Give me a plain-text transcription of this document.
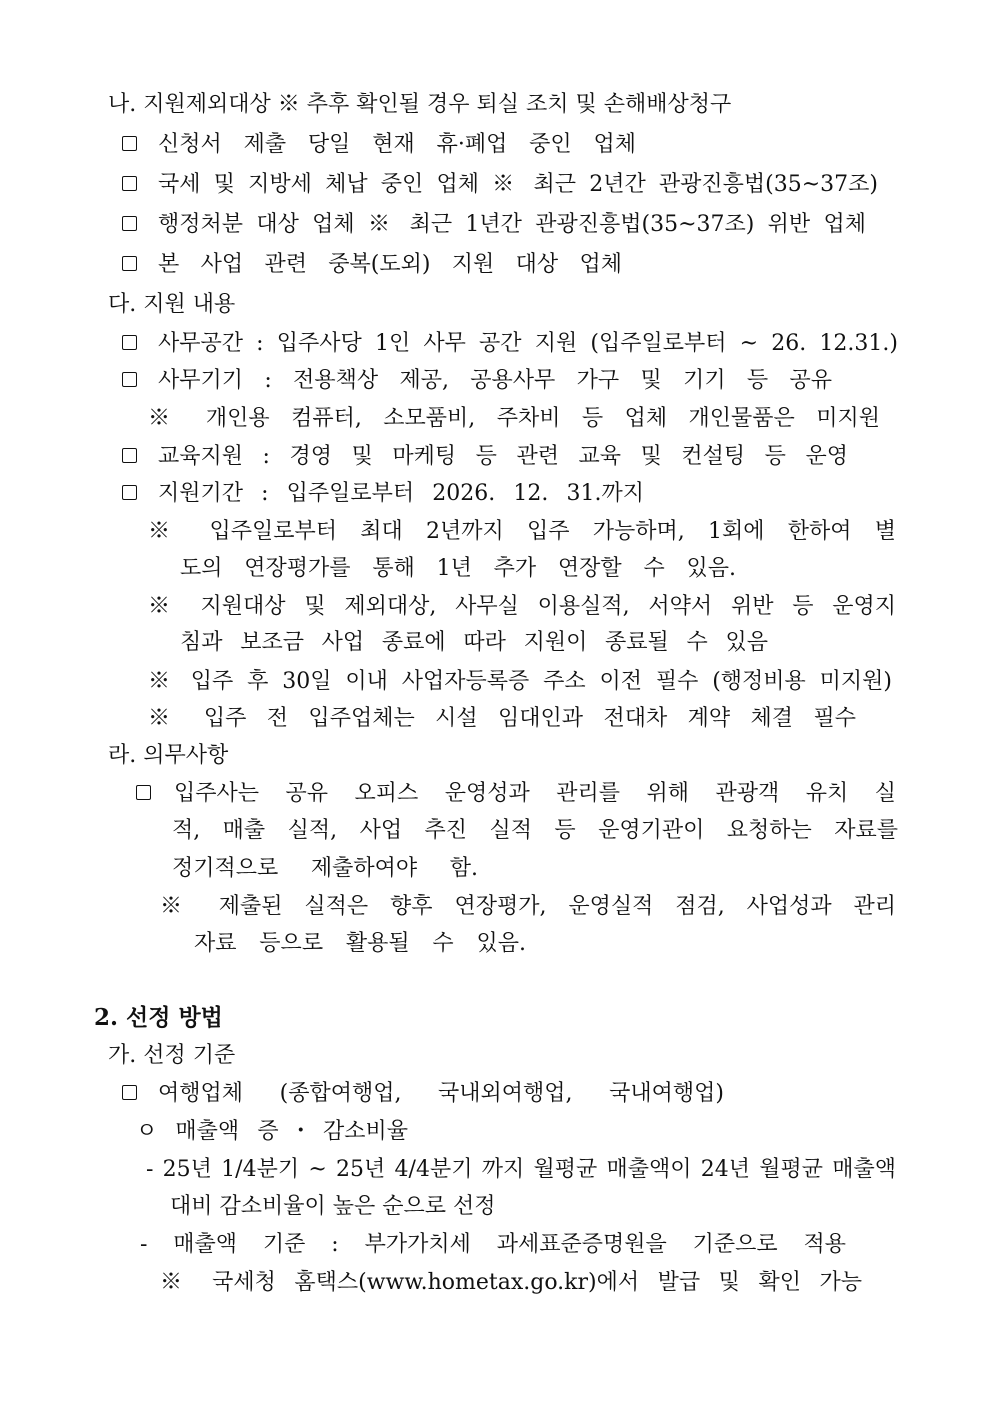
나. 지원제외대상 ※ 추후 확인될 경우 퇴실 조치 및 손해배상청구
신청서 제출 당일 현재 휴·폐업 중인 업체
국세 및 지방세 체납 중인 업체 ※ 최근 2년간 관광진흥법(35~37조)
행정처분 대상 업체 ※ 최근 1년간 관광진흥법(35~37조) 위반 업체
본 사업 관련 중복(도외) 지원 대상 업체
다. 지원 내용
사무공간 : 입주사당 1인 사무 공간 지원 (입주일로부터 ~ 26. 12.31.)
사무기기 : 전용책상 제공, 공용사무 가구 및 기기 등 공유
※ 개인용 컴퓨터, 소모품비, 주차비 등 업체 개인물품은 미지원
교육지원 : 경영 및 마케팅 등 관련 교육 및 컨설팅 등 운영
지원기간 : 입주일로부터 2026. 12. 31.까지
※ 입주일로부터 최대 2년까지 입주 가능하며, 1회에 한하여 별
도의 연장평가를 통해 1년 추가 연장할 수 있음.
※ 지원대상 및 제외대상, 사무실 이용실적, 서약서 위반 등 운영지
침과 보조금 사업 종료에 따라 지원이 종료될 수 있음
※ 입주 후 30일 이내 사업자등록증 주소 이전 필수 (행정비용 미지원)
※ 입주 전 입주업체는 시설 임대인과 전대차 계약 체결 필수
라. 의무사항
입주사는 공유 오피스 운영성과 관리를 위해 관광객 유치 실
적, 매출 실적, 사업 추진 실적 등 운영기관이 요청하는 자료를
정기적으로 제출하여야 함.
※ 제출된 실적은 향후 연장평가, 운영실적 점검, 사업성과 관리
자료 등으로 활용될 수 있음.
2. 선정 방법
가. 선정 기준
여행업체 (종합여행업, 국내외여행업, 국내여행업)
ㅇ 매출액 증・감소비율
- 25년 1/4분기 ~ 25년 4/4분기 까지 월평균 매출액이 24년 월평균 매출액
대비 감소비율이 높은 순으로 선정
- 매출액 기준 : 부가가치세 과세표준증명원을 기준으로 적용
※ 국세청 홈택스(www.hometax.go.kr)에서 발급 및 확인 가능
